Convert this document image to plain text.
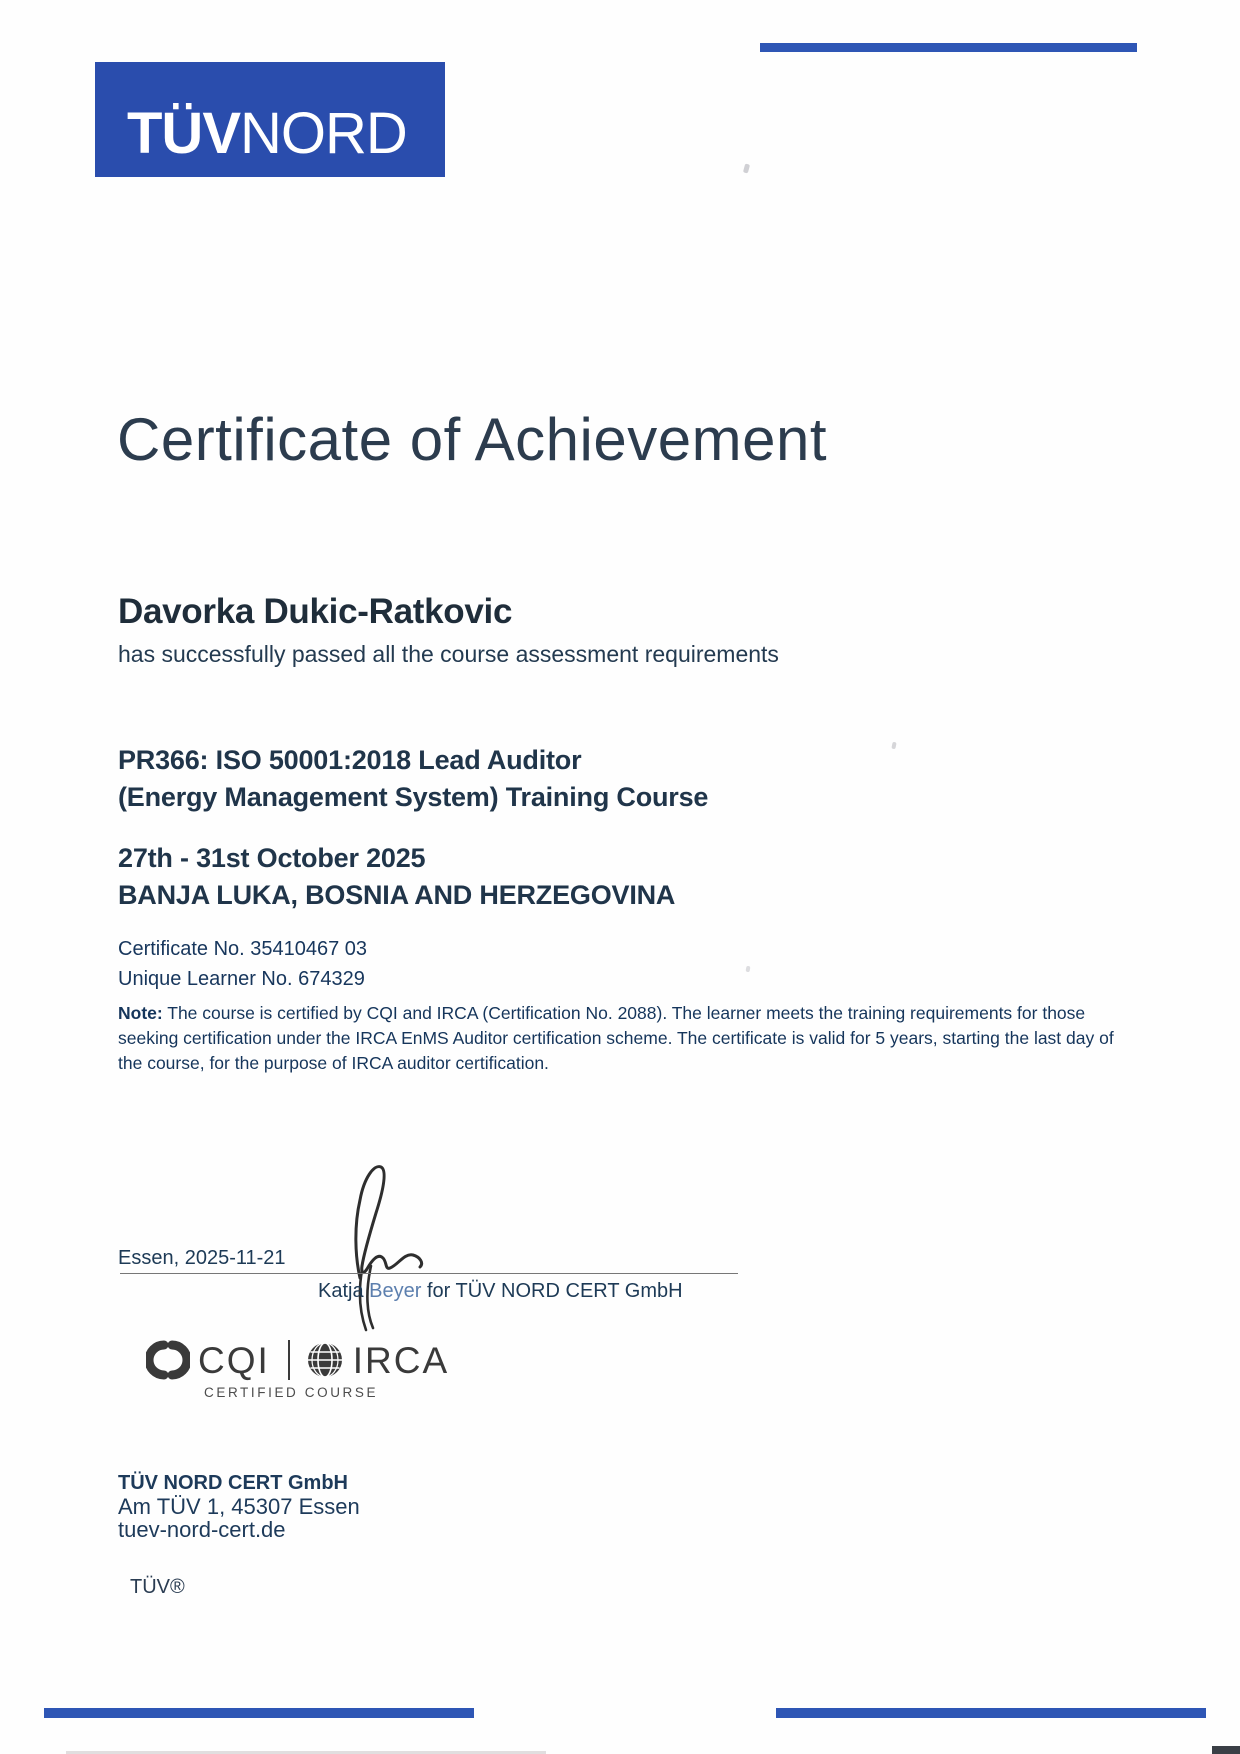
TÜVNORD
Certificate of Achievement
Davorka Dukic-Ratkovic
has successfully passed all the course assessment requirements
PR366: ISO 50001:2018 Lead Auditor
(Energy Management System) Training Course
27th - 31st October 2025
BANJA LUKA, BOSNIA AND HERZEGOVINA
Certificate No. 35410467 03
Unique Learner No. 674329
Note: The course is certified by CQI and IRCA (Certification No. 2088). The learner meets the training requirements for those seeking certification under the IRCA EnMS Auditor certification scheme. The certificate is valid for 5 years, starting the last day of the course, for the purpose of IRCA auditor certification.
Essen, 2025-11-21
Katja Beyer for TÜV NORD CERT GmbH
CQI IRCA
CERTIFIED COURSE
TÜV NORD CERT GmbH
Am TÜV 1, 45307 Essen
tuev-nord-cert.de
TÜV®
